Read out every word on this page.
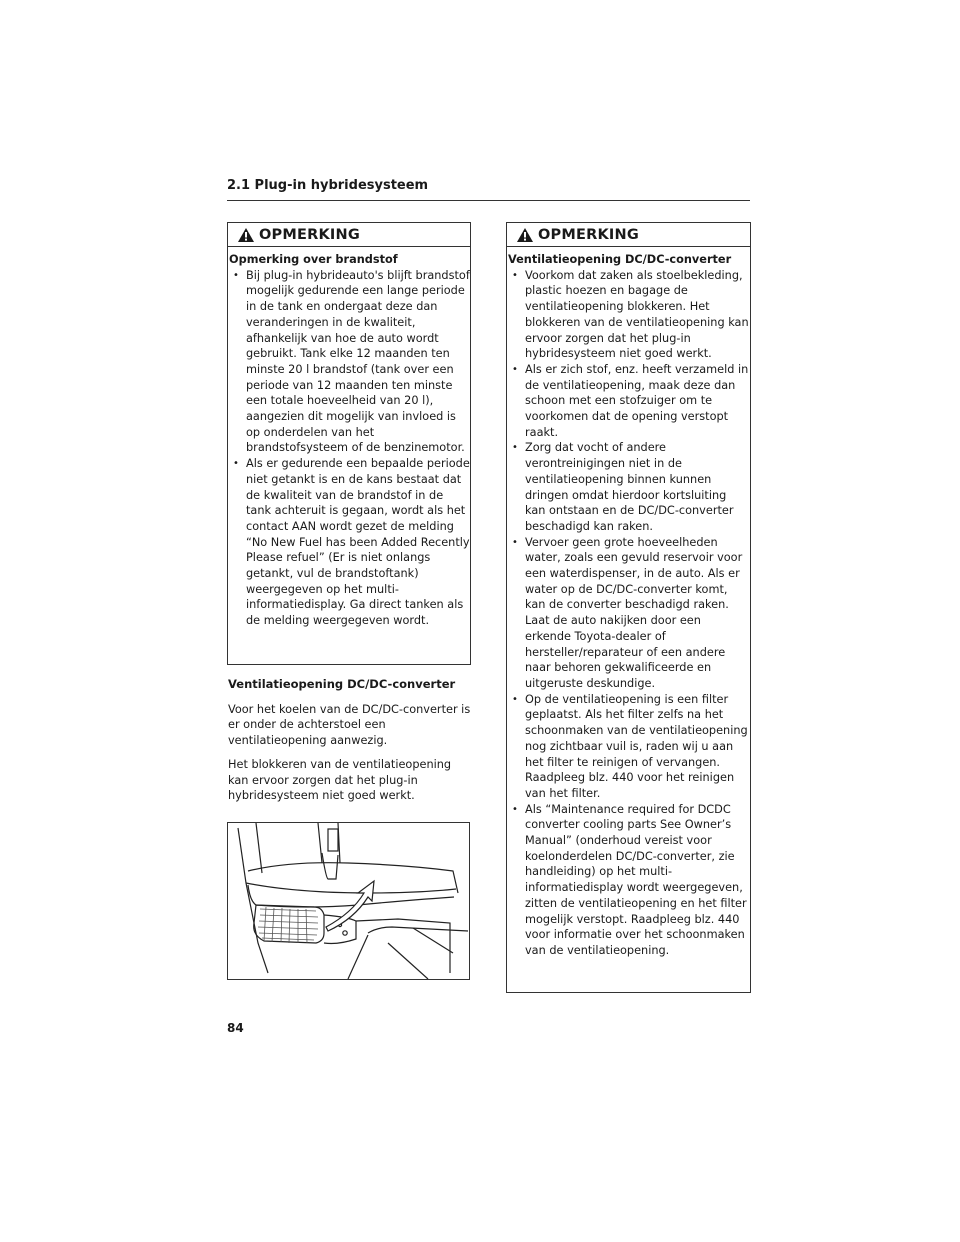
2.1 Plug-in hybridesysteem
OPMERKING
Opmerking over brandstof
• Bij plug-in hybrideauto's blijft brandstof mogelijk gedurende een lange periode in de tank en ondergaat deze dan veranderingen in de kwaliteit, afhankelijk van hoe de auto wordt gebruikt. Tank elke 12 maanden ten minste 20 l brandstof (tank over een periode van 12 maanden ten minste een totale hoeveelheid van 20 l), aangezien dit mogelijk van invloed is op onderdelen van het brandstofsysteem of de benzinemotor.
• Als er gedurende een bepaalde periode niet getankt is en de kans bestaat dat de kwaliteit van de brandstof in de tank achteruit is gegaan, wordt als het contact AAN wordt gezet de melding “No New Fuel has been Added Recently Please refuel” (Er is niet onlangs getankt, vul de brandstoftank) weergegeven op het multi-informatiedisplay. Ga direct tanken als de melding weergegeven wordt.
Ventilatieopening DC/DC-converter

Voor het koelen van de DC/DC-converter is er onder de achterstoel een ventilatieopening aanwezig.

Het blokkeren van de ventilatieopening kan ervoor zorgen dat het plug-in hybridesysteem niet goed werkt.

OPMERKING
Ventilatieopening DC/DC-converter
• Voorkom dat zaken als stoelbekleding, plastic hoezen en bagage de ventilatieopening blokkeren. Het blokkeren van de ventilatieopening kan ervoor zorgen dat het plug-in hybridesysteem niet goed werkt.
• Als er zich stof, enz. heeft verzameld in de ventilatieopening, maak deze dan schoon met een stofzuiger om te voorkomen dat de opening verstopt raakt.
• Zorg dat vocht of andere verontreinigingen niet in de ventilatieopening binnen kunnen dringen omdat hierdoor kortsluiting kan ontstaan en de DC/DC-converter beschadigd kan raken.
• Vervoer geen grote hoeveelheden water, zoals een gevuld reservoir voor een waterdispenser, in de auto. Als er water op de DC/DC-converter komt, kan de converter beschadigd raken. Laat de auto nakijken door een erkende Toyota-dealer of hersteller/reparateur of een andere naar behoren gekwalificeerde en uitgeruste deskundige.
• Op de ventilatieopening is een filter geplaatst. Als het filter zelfs na het schoonmaken van de ventilatieopening nog zichtbaar vuil is, raden wij u aan het filter te reinigen of vervangen. Raadpleeg blz. 440 voor het reinigen van het filter.
• Als “Maintenance required for DCDC converter cooling parts See Owner’s Manual” (onderhoud vereist voor koelonderdelen DC/DC-converter, zie handleiding) op het multi-informatiedisplay wordt weergegeven, zitten de ventilatieopening en het filter mogelijk verstopt. Raadpleeg blz. 440 voor informatie over het schoonmaken van de ventilatieopening.
84
